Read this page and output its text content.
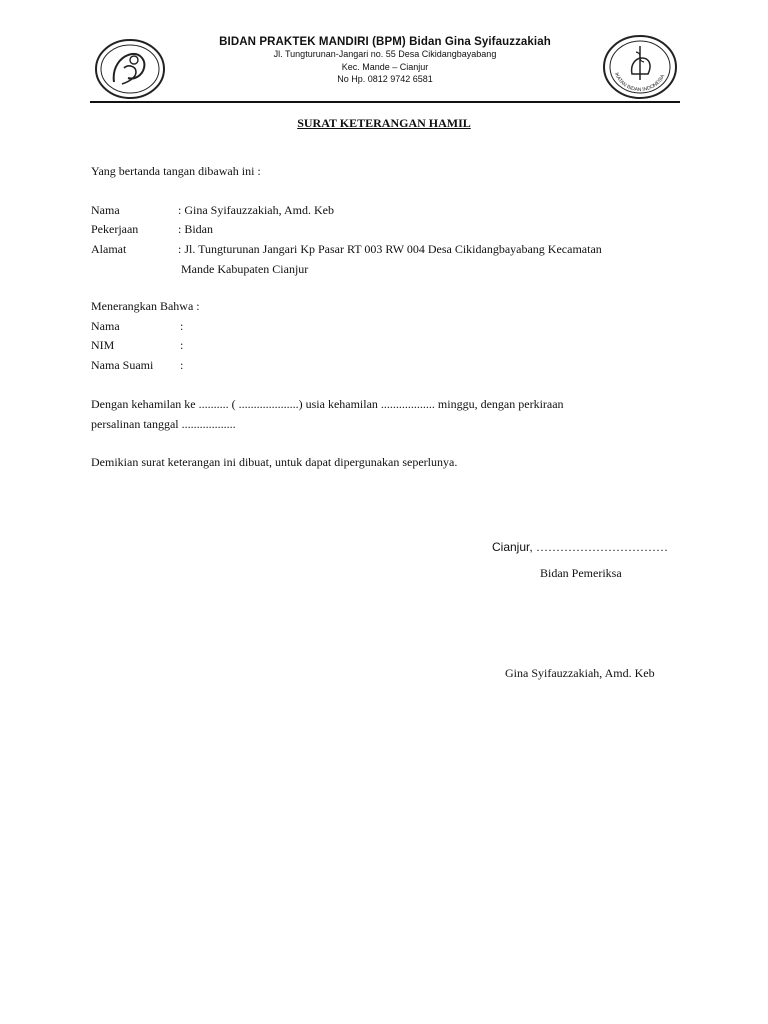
BIDAN PRAKTEK MANDIRI (BPM) Bidan Gina Syifauzzakiah
Jl. Tungturunan-Jangari no. 55 Desa Cikidangbayabang
Kec. Mande – Cianjur
No Hp. 0812 9742 6581
IKATAN BIDAN INDONESIA
SURAT KETERANGAN HAMIL
Yang bertanda tangan dibawah ini :
Nama	: Gina Syifauzzakiah, Amd. Keb
Pekerjaan	: Bidan
Alamat	: Jl. Tungturunan Jangari Kp Pasar RT 003 RW 004 Desa Cikidangbayabang Kecamatan
Mande Kabupaten Cianjur
Menerangkan Bahwa :
Nama	:
NIM	:
Nama Suami :
Dengan kehamilan ke .......... ( ....................) usia kehamilan .................. minggu, dengan perkiraan
persalinan tanggal ..................
Demikian surat keterangan ini dibuat, untuk dapat dipergunakan seperlunya.
Cianjur, ……………………………
Bidan Pemeriksa
Gina Syifauzzakiah, Amd. Keb
